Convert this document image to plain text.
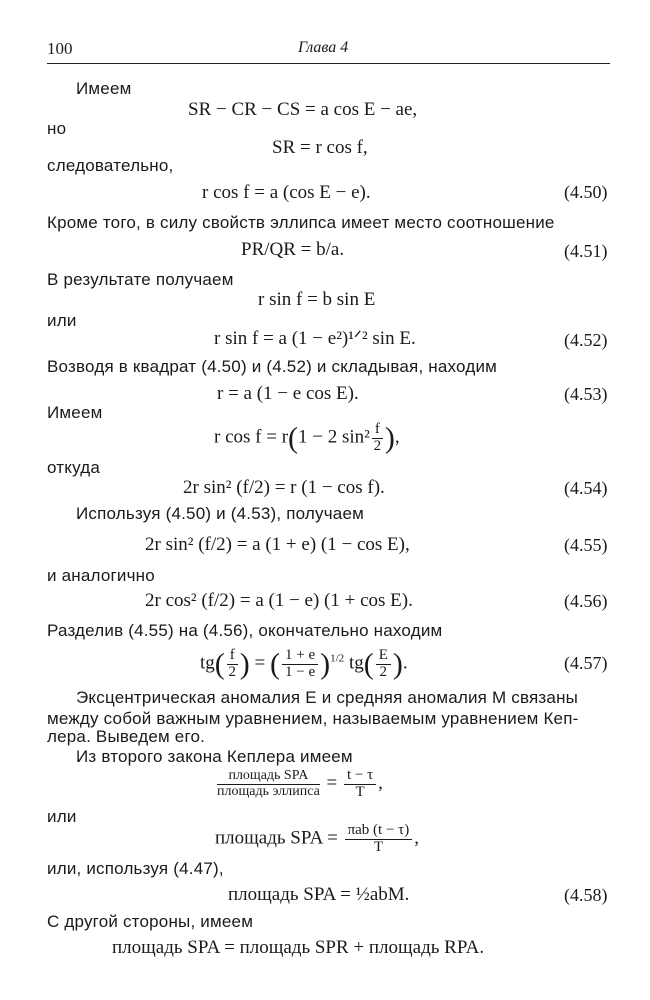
100	Глава 4
Имеем
SR − CR − CS = a cos E − ae,
но
SR = r cos f,
следовательно,
r cos f = a (cos E − e).	(4.50)
Кроме того, в силу свойств эллипса имеет место соотношение
PR/QR = b/a.	(4.51)
В результате получаем
r sin f = b sin E
или
r sin f = a (1 − e²)¹ᐟ² sin E.	(4.52)
Возводя в квадрат (4.50) и (4.52) и складывая, находим
r = a (1 − e cos E).	(4.53)
Имеем
r cos f = r(1 − 2 $\sin^2 \frac{f}{2}$ ),
откуда
2r sin² (f/2) = r (1 − cos f).	(4.54)
Используя (4.50) и (4.53), получаем
2r sin² (f/2) = a (1 + e) (1 − cos E),	(4.55)
и аналогично
2r cos² (f/2) = a (1 − e) (1 + cos E).	(4.56)
Разделив (4.55) на (4.56), окончательно находим
$tg( \frac{f}{2}$ ) = ( $\frac{1 + e}{1 - e} )^{1/2}$ $tg( \frac{E}{2}$ ).	(4.57)
Эксцентрическая аномалия E и средняя аномалия M связаны
между собой важным уравнением, называемым уравнением Кеп-
лера. Выведем его.
Из второго закона Кеплера имеем
$\frac{\text{площадь SPA}}{\text{площадь эллипса}} = \frac{t - \tau}{T}$ ,
или
площадь SPA = $\frac{\text{πab (t − τ)}}{T}$ ,
или, используя (4.47),
площадь SPA = ½abM.	(4.58)
С другой стороны, имеем
площадь SPA = площадь SPR + площадь RPA.
